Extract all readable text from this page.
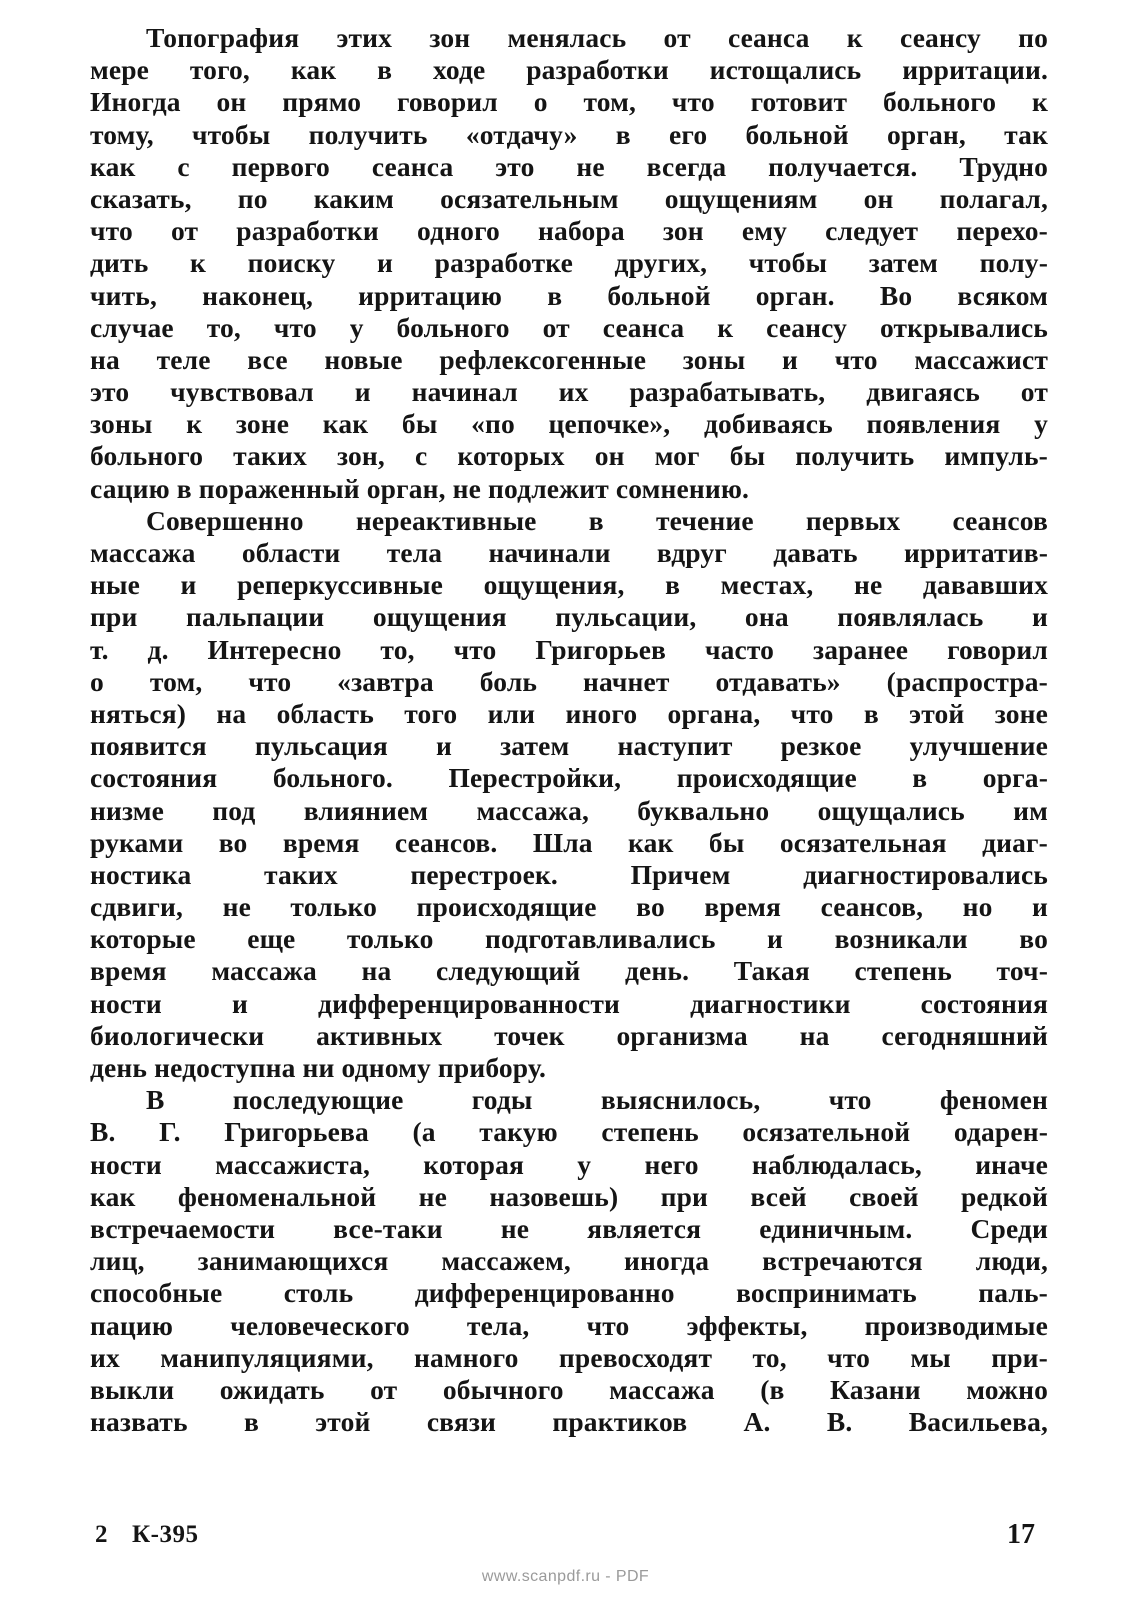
Топография этих зон менялась от сеанса к сеансу по
мере того, как в ходе разработки истощались ирритации.
Иногда он прямо говорил о том, что готовит больного к
тому, чтобы получить «отдачу» в его больной орган, так
как с первого сеанса это не всегда получается. Трудно
сказать, по каким осязательным ощущениям он полагал,
что от разработки одного набора зон ему следует перехо-
дить к поиску и разработке других, чтобы затем полу-
чить, наконец, ирритацию в больной орган. Во всяком
случае то, что у больного от сеанса к сеансу открывались
на теле все новые рефлексогенные зоны и что массажист
это чувствовал и начинал их разрабатывать, двигаясь от
зоны к зоне как бы «по цепочке», добиваясь появления у
больного таких зон, с которых он мог бы получить импуль-
сацию в пораженный орган, не подлежит сомнению.
Совершенно нереактивные в течение первых сеансов
массажа области тела начинали вдруг давать ирритатив-
ные и реперкуссивные ощущения, в местах, не дававших
при пальпации ощущения пульсации, она появлялась и
т. д. Интересно то, что Григорьев часто заранее говорил
о том, что «завтра боль начнет отдавать» (распростра-
няться) на область того или иного органа, что в этой зоне
появится пульсация и затем наступит резкое улучшение
состояния больного. Перестройки, происходящие в орга-
низме под влиянием массажа, буквально ощущались им
руками во время сеансов. Шла как бы осязательная диаг-
ностика таких перестроек. Причем диагностировались
сдвиги, не только происходящие во время сеансов, но и
которые еще только подготавливались и возникали во
время массажа на следующий день. Такая степень точ-
ности и дифференцированности диагностики состояния
биологически активных точек организма на сегодняшний
день недоступна ни одному прибору.
В последующие годы выяснилось, что феномен
В. Г. Григорьева (а такую степень осязательной одарен-
ности массажиста, которая у него наблюдалась, иначе
как феноменальной не назовешь) при всей своей редкой
встречаемости все-таки не является единичным. Среди
лиц, занимающихся массажем, иногда встречаются люди,
способные столь дифференцированно воспринимать паль-
пацию человеческого тела, что эффекты, производимые
их манипуляциями, намного превосходят то, что мы при-
выкли ожидать от обычного массажа (в Казани можно
назвать в этой связи практиков А. В. Васильева,
2 К-395	17
www.scanpdf.ru - PDF
